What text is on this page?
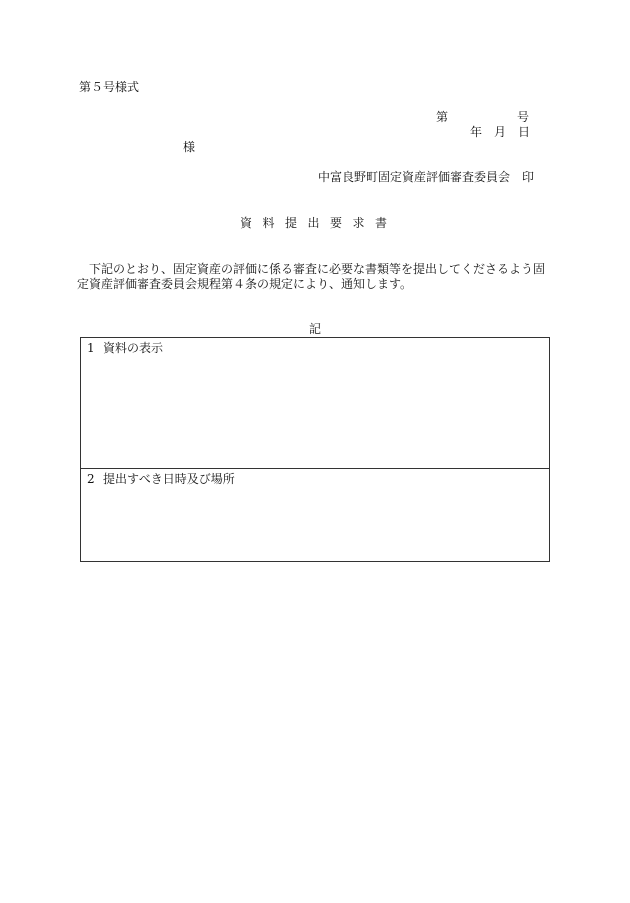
第５号様式
第	号
年 月 日
様
中富良野町固定資産評価審査委員会　印
資料提出要求書
下記のとおり、固定資産の評価に係る審査に必要な書類等を提出してくださるよう固定資産評価審査委員会規程第４条の規定により、通知します。
記
1 資料の表示
2 提出すべき日時及び場所
